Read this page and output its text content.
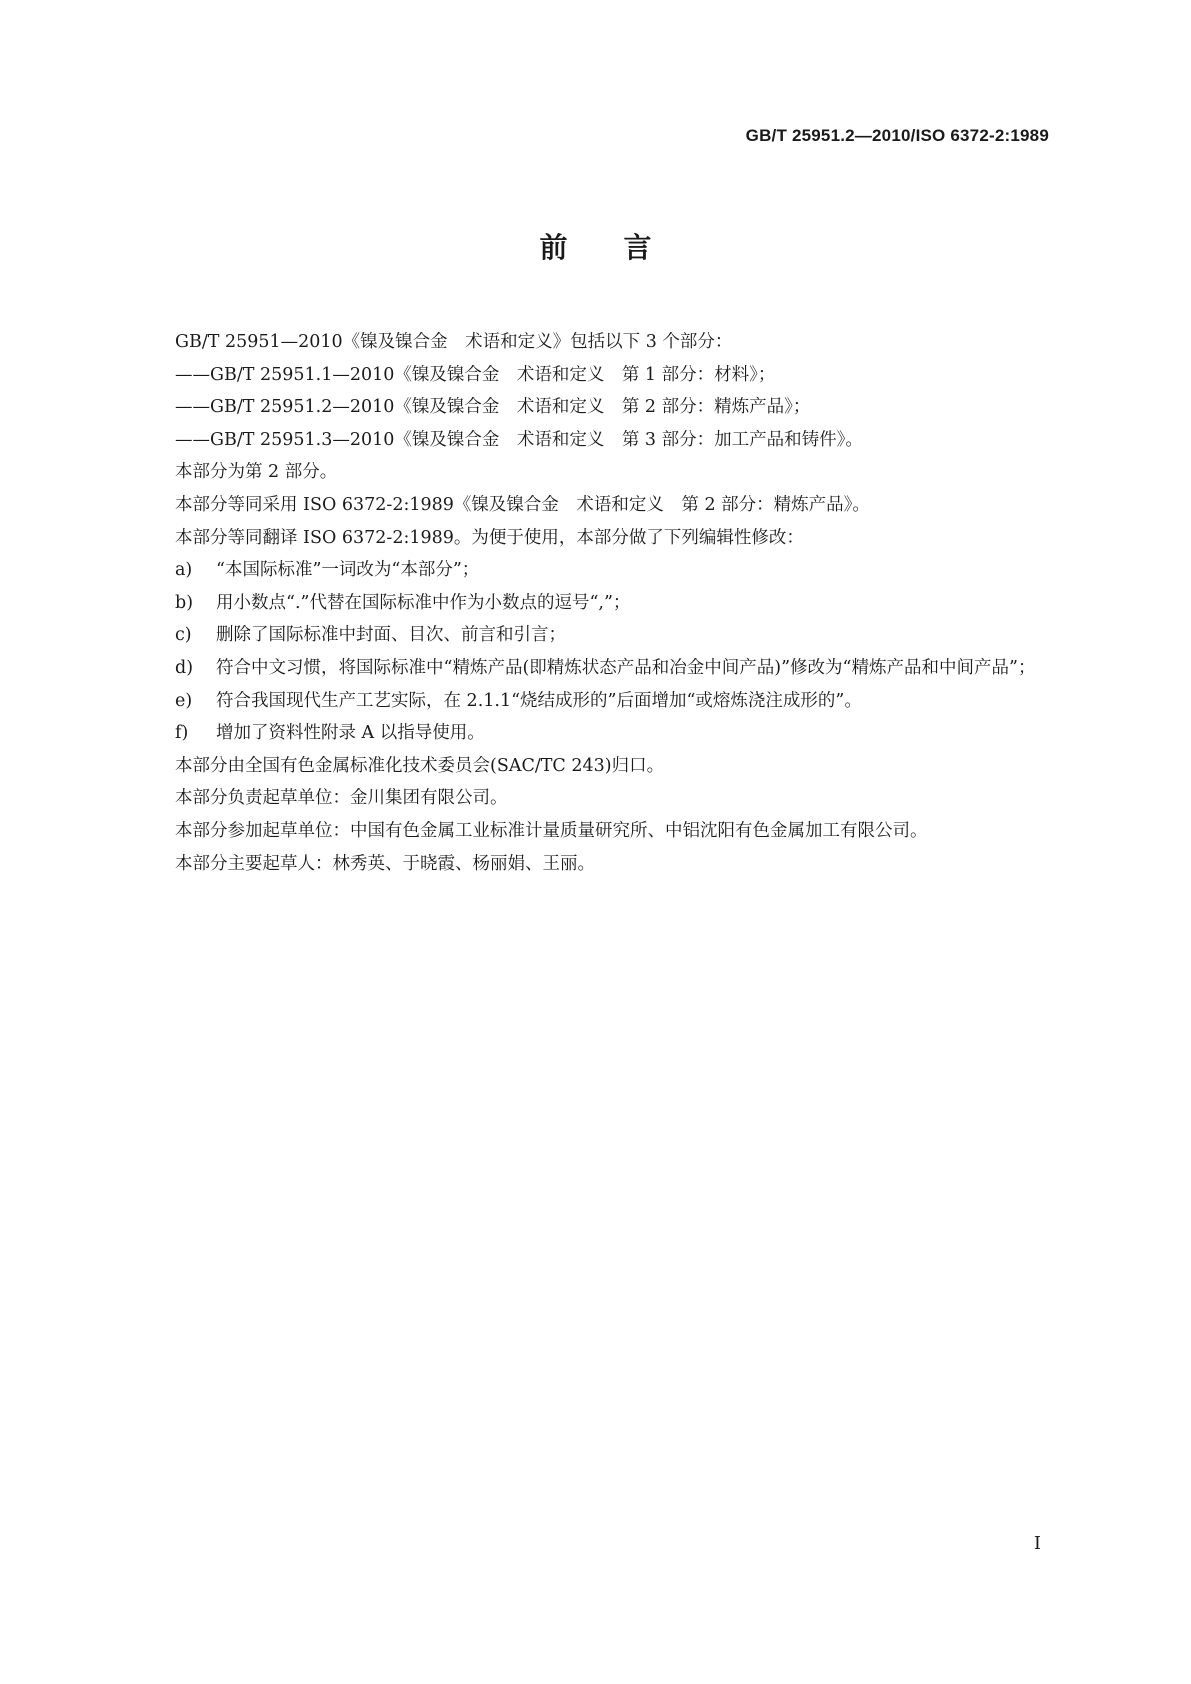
GB/T 25951.2—2010/ISO 6372-2:1989
前言
GB/T 25951—2010《镍及镍合金　术语和定义》包括以下 3 个部分：
——GB/T 25951.1—2010《镍及镍合金　术语和定义　第 1 部分：材料》；
——GB/T 25951.2—2010《镍及镍合金　术语和定义　第 2 部分：精炼产品》；
——GB/T 25951.3—2010《镍及镍合金　术语和定义　第 3 部分：加工产品和铸件》。
本部分为第 2 部分。
本部分等同采用 ISO 6372-2:1989《镍及镍合金　术语和定义　第 2 部分：精炼产品》。
本部分等同翻译 ISO 6372-2:1989。为便于使用，本部分做了下列编辑性修改：
a) “本国际标准”一词改为“本部分”；
b) 用小数点“.”代替在国际标准中作为小数点的逗号“,”；
c) 删除了国际标准中封面、目次、前言和引言；
d) 符合中文习惯，将国际标准中“精炼产品(即精炼状态产品和冶金中间产品)”修改为“精炼产品和中间产品”；
e) 符合我国现代生产工艺实际，在 2.1.1“烧结成形的”后面增加“或熔炼浇注成形的”。
f) 增加了资料性附录 A 以指导使用。
本部分由全国有色金属标准化技术委员会(SAC/TC 243)归口。
本部分负责起草单位：金川集团有限公司。
本部分参加起草单位：中国有色金属工业标准计量质量研究所、中铝沈阳有色金属加工有限公司。
本部分主要起草人：林秀英、于晓霞、杨丽娟、王丽。
I
